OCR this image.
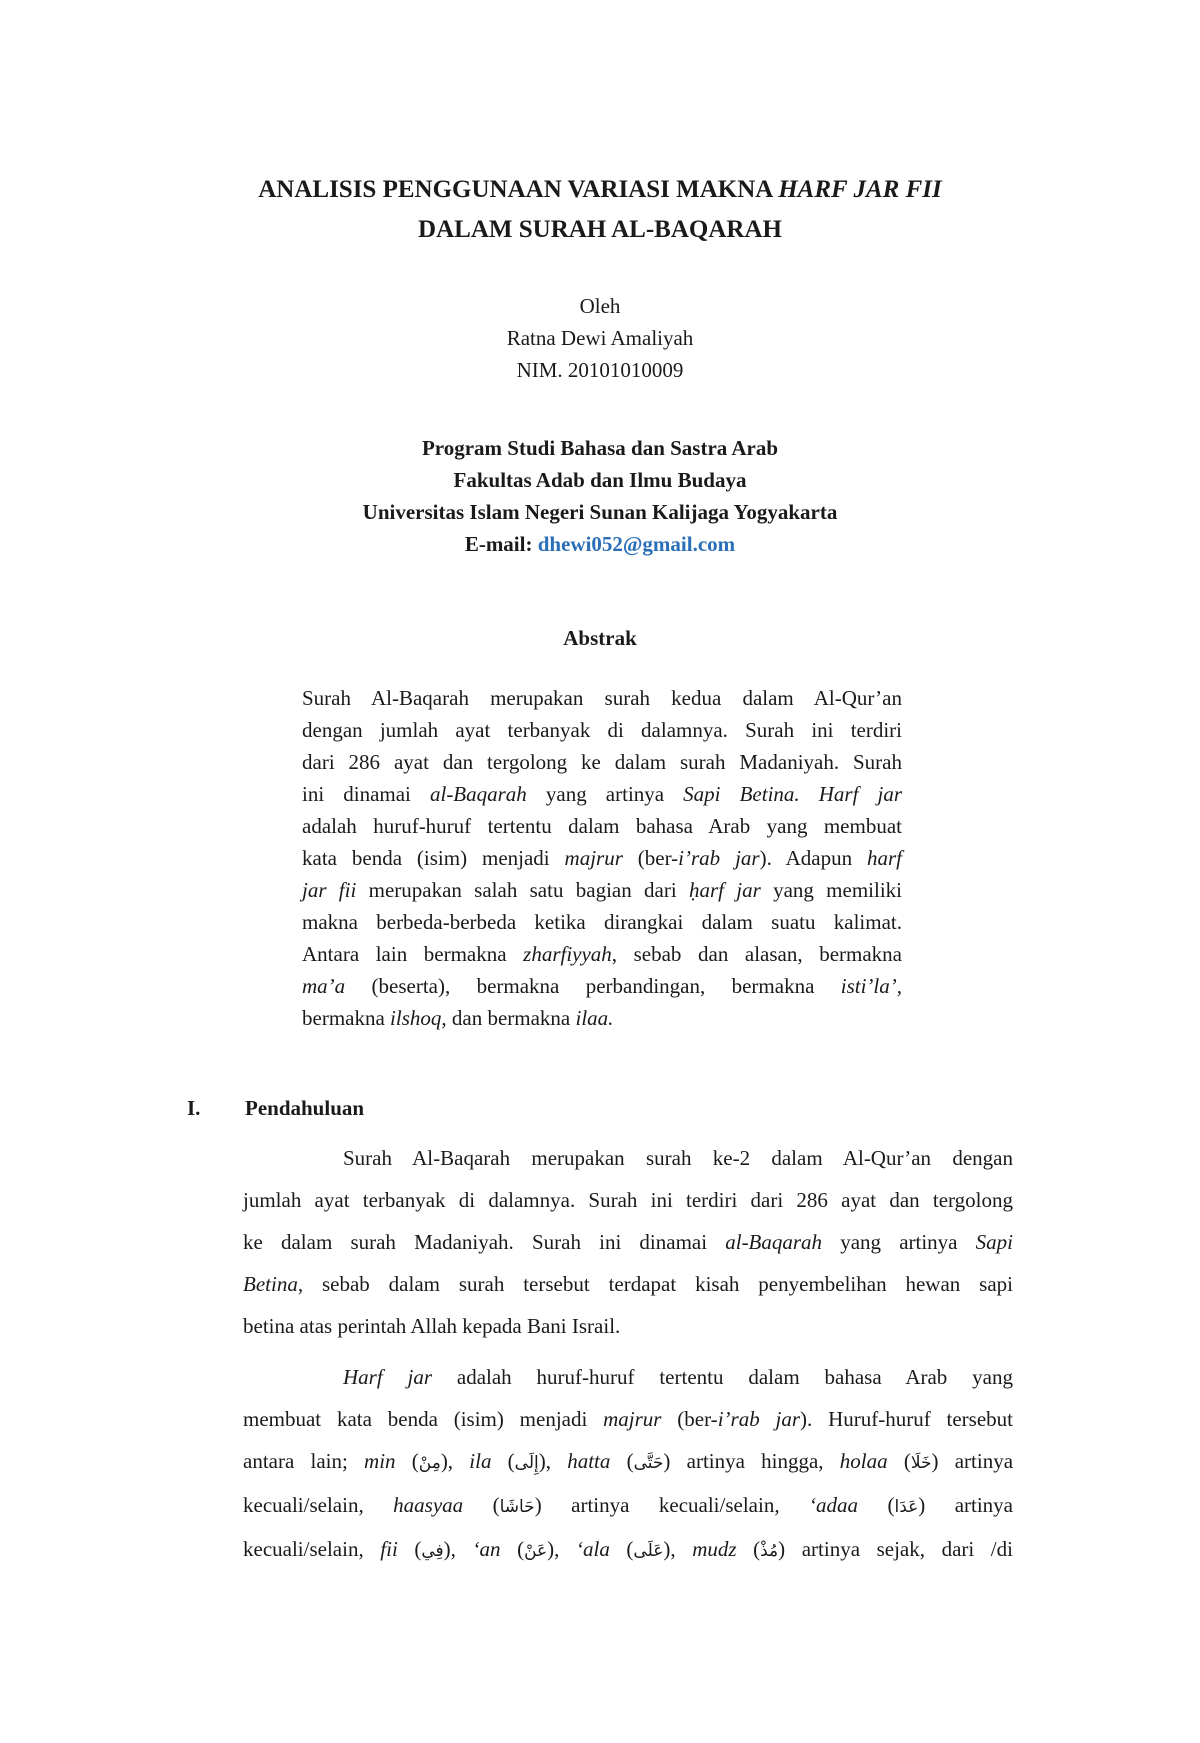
ANALISIS PENGGUNAAN VARIASI MAKNA HARF JAR FII
DALAM SURAH AL-BAQARAH
Oleh
Ratna Dewi Amaliyah
NIM. 20101010009
Program Studi Bahasa dan Sastra Arab
Fakultas Adab dan Ilmu Budaya
Universitas Islam Negeri Sunan Kalijaga Yogyakarta
E-mail: dhewi052@gmail.com
Abstrak
Surah Al-Baqarah merupakan surah kedua dalam Al-Qur’an
dengan jumlah ayat terbanyak di dalamnya. Surah ini terdiri
dari 286 ayat dan tergolong ke dalam surah Madaniyah. Surah
ini dinamai al-Baqarah yang artinya Sapi Betina. Harf jar
adalah huruf-huruf tertentu dalam bahasa Arab yang membuat
kata benda (isim) menjadi majrur (ber-i’rab jar). Adapun harf
jar fii merupakan salah satu bagian dari ḥarf jar yang memiliki
makna berbeda-berbeda ketika dirangkai dalam suatu kalimat.
Antara lain bermakna zharfiyyah, sebab dan alasan, bermakna
ma’a (beserta), bermakna perbandingan, bermakna isti’la’,
bermakna ilshoq, dan bermakna ilaa.
I. Pendahuluan
Surah Al-Baqarah merupakan surah ke-2 dalam Al-Qur’an dengan
jumlah ayat terbanyak di dalamnya. Surah ini terdiri dari 286 ayat dan tergolong
ke dalam surah Madaniyah. Surah ini dinamai al-Baqarah yang artinya Sapi
Betina, sebab dalam surah tersebut terdapat kisah penyembelihan hewan sapi
betina atas perintah Allah kepada Bani Israil.
Harf jar adalah huruf-huruf tertentu dalam bahasa Arab yang
membuat kata benda (isim) menjadi majrur (ber-i’rab jar). Huruf-huruf tersebut
antara lain; min (مِنْ), ila (إِلَى), hatta (حَتَّى) artinya hingga, holaa (خَلَا) artinya
kecuali/selain, haasyaa (حَاشَا) artinya kecuali/selain, ‘adaa (عَدَا) artinya
kecuali/selain, fii (فِي), ‘an (عَنْ), ‘ala (عَلَى), mudz (مُذْ) artinya sejak, dari /di
